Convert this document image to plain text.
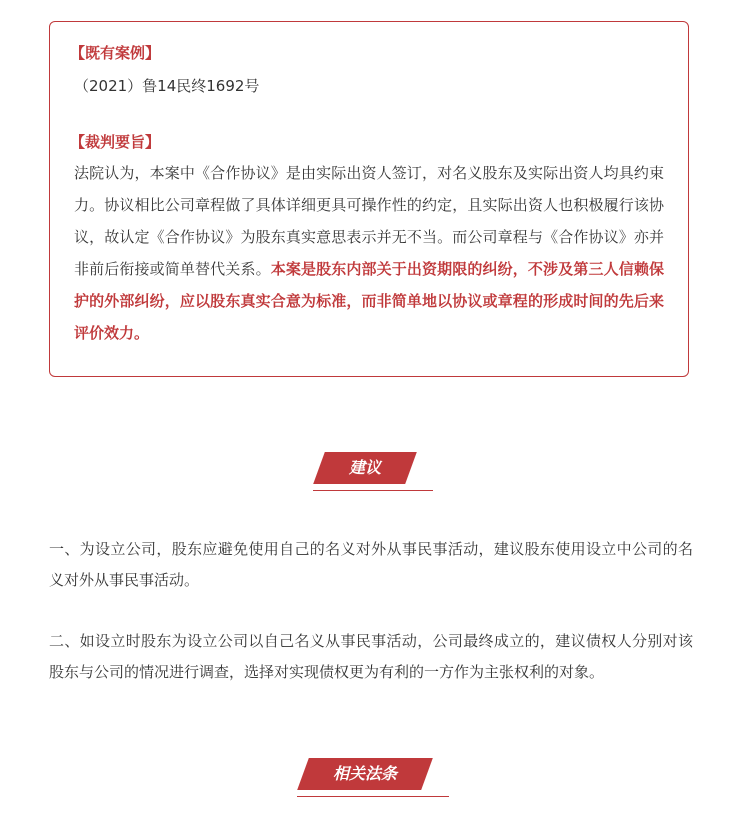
【既有案例】
（2021）鲁14民终1692号
【裁判要旨】
法院认为，本案中《合作协议》是由实际出资人签订，对名义股东及实际出资人均具约束力。协议相比公司章程做了具体详细更具可操作性的约定，且实际出资人也积极履行该协议，故认定《合作协议》为股东真实意思表示并无不当。而公司章程与《合作协议》亦并非前后衔接或简单替代关系。本案是股东内部关于出资期限的纠纷，不涉及第三人信赖保护的外部纠纷，应以股东真实合意为标准，而非简单地以协议或章程的形成时间的先后来评价效力。
建议
一、为设立公司，股东应避免使用自己的名义对外从事民事活动，建议股东使用设立中公司的名义对外从事民事活动。
二、如设立时股东为设立公司以自己名义从事民事活动，公司最终成立的，建议债权人分别对该股东与公司的情况进行调查，选择对实现债权更为有利的一方作为主张权利的对象。
相关法条
